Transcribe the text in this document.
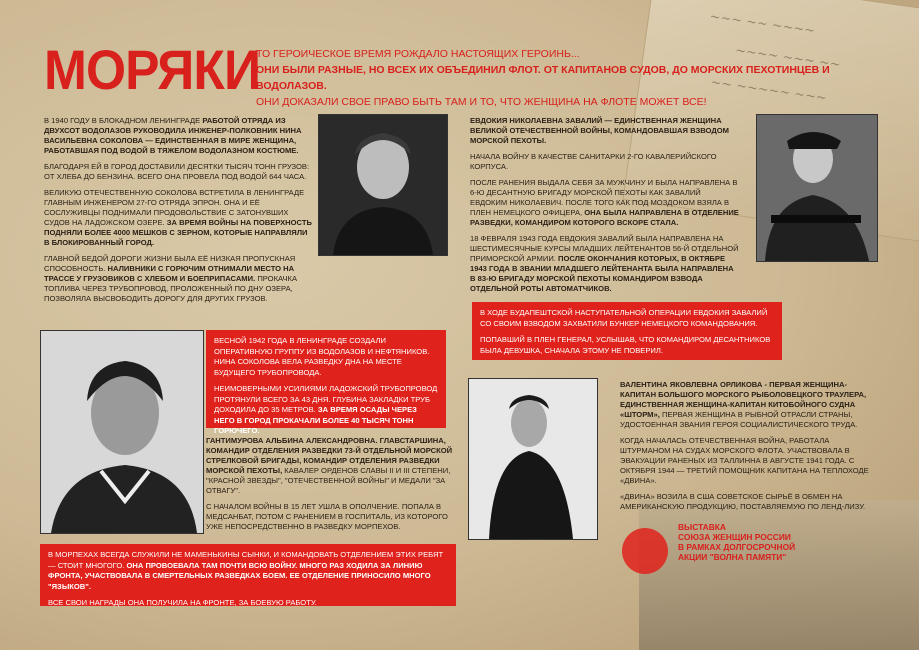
~~~ ~~ ~~~~
~~~~ ~~~ ~~
~~ ~~~~~ ~~~
МОРЯКИ
ТО ГЕРОИЧЕСКОЕ ВРЕМЯ РОЖДАЛО НАСТОЯЩИХ ГЕРОИНЬ...
ОНИ БЫЛИ РАЗНЫЕ, НО ВСЕХ ИХ ОБЪЕДИНИЛ ФЛОТ. ОТ КАПИТАНОВ СУДОВ, ДО МОРСКИХ ПЕХОТИНЦЕВ И ВОДОЛАЗОВ.
ОНИ ДОКАЗАЛИ СВОЕ ПРАВО БЫТЬ ТАМ И ТО, ЧТО ЖЕНЩИНА НА ФЛОТЕ МОЖЕТ ВСЕ!

В 1940 ГОДУ В БЛОКАДНОМ ЛЕНИНГРАДЕ РАБОТОЙ ОТРЯДА ИЗ ДВУХСОТ ВОДОЛАЗОВ РУКОВОДИЛА ИНЖЕНЕР-ПОЛКОВНИК НИНА ВАСИЛЬЕВНА СОКОЛОВА — ЕДИНСТВЕННАЯ В МИРЕ ЖЕНЩИНА, РАБОТАВШАЯ ПОД ВОДОЙ В ТЯЖЕЛОМ ВОДОЛАЗНОМ КОСТЮМЕ.

БЛАГОДАРЯ ЕЙ В ГОРОД ДОСТАВИЛИ ДЕСЯТКИ ТЫСЯЧ ТОНН ГРУЗОВ: ОТ ХЛЕБА ДО БЕНЗИНА. ВСЕГО ОНА ПРОВЕЛА ПОД ВОДОЙ 644 ЧАСА.

ВЕЛИКУЮ ОТЕЧЕСТВЕННУЮ СОКОЛОВА ВСТРЕТИЛА В ЛЕНИНГРАДЕ ГЛАВНЫМ ИНЖЕНЕРОМ 27-ГО ОТРЯДА ЭПРОН. ОНА И ЕЁ СОСЛУЖИВЦЫ ПОДНИМАЛИ ПРОДОВОЛЬСТВИЕ С ЗАТОНУВШИХ СУДОВ НА ЛАДОЖСКОМ ОЗЕРЕ. ЗА ВРЕМЯ ВОЙНЫ НА ПОВЕРХНОСТЬ ПОДНЯЛИ БОЛЕЕ 4000 МЕШКОВ С ЗЕРНОМ, КОТОРЫЕ НАПРАВЛЯЛИ В БЛОКИРОВАННЫЙ ГОРОД.

ГЛАВНОЙ БЕДОЙ ДОРОГИ ЖИЗНИ БЫЛА ЕЁ НИЗКАЯ ПРОПУСКНАЯ СПОСОБНОСТЬ. НАЛИВНИКИ С ГОРЮЧИМ ОТНИМАЛИ МЕСТО НА ТРАССЕ У ГРУЗОВИКОВ С ХЛЕБОМ И БОЕПРИПАСАМИ. ПРОКАЧКА ТОПЛИВА ЧЕРЕЗ ТРУБОПРОВОД, ПРОЛОЖЕННЫЙ ПО ДНУ ОЗЕРА, ПОЗВОЛЯЛА ВЫСВОБОДИТЬ ДОРОГУ ДЛЯ ДРУГИХ ГРУЗОВ.

ВЕСНОЙ 1942 ГОДА В ЛЕНИНГРАДЕ СОЗДАЛИ ОПЕРАТИВНУЮ ГРУППУ ИЗ ВОДОЛАЗОВ И НЕФТЯНИКОВ. НИНА СОКОЛОВА ВЕЛА РАЗВЕДКУ ДНА НА МЕСТЕ БУДУЩЕГО ТРУБОПРОВОДА.

НЕИМОВЕРНЫМИ УСИЛИЯМИ ЛАДОЖСКИЙ ТРУБОПРОВОД ПРОТЯНУЛИ ВСЕГО ЗА 43 ДНЯ. ГЛУБИНА ЗАКЛАДКИ ТРУБ ДОХОДИЛА ДО 35 МЕТРОВ. ЗА ВРЕМЯ ОСАДЫ ЧЕРЕЗ НЕГО В ГОРОД ПРОКАЧАЛИ БОЛЕЕ 40 ТЫСЯЧ ТОНН ГОРЮЧЕГО.

ГАНТИМУРОВА АЛЬБИНА АЛЕКСАНДРОВНА. ГЛАВСТАРШИНА, КОМАНДИР ОТДЕЛЕНИЯ РАЗВЕДКИ 73-Й ОТДЕЛЬНОЙ МОРСКОЙ СТРЕЛКОВОЙ БРИГАДЫ, КОМАНДИР ОТДЕЛЕНИЯ РАЗВЕДКИ МОРСКОЙ ПЕХОТЫ, КАВАЛЕР ОРДЕНОВ СЛАВЫ II И III СТЕПЕНИ, "КРАСНОЙ ЗВЕЗДЫ", "ОТЕЧЕСТВЕННОЙ ВОЙНЫ" И МЕДАЛИ "ЗА ОТВАГУ".

С НАЧАЛОМ ВОЙНЫ В 15 ЛЕТ УШЛА В ОПОЛЧЕНИЕ. ПОПАЛА В МЕДСАНБАТ, ПОТОМ С РАНЕНИЕМ В ГОСПИТАЛЬ, ИЗ КОТОРОГО УЖЕ НЕПОСРЕДСТВЕННО В РАЗВЕДКУ МОРПЕХОВ.

В МОРПЕХАХ ВСЕГДА СЛУЖИЛИ НЕ МАМЕНЬКИНЫ СЫНКИ, И КОМАНДОВАТЬ ОТДЕЛЕНИЕМ ЭТИХ РЕБЯТ — СТОИТ МНОГОГО. ОНА ПРОВОЕВАЛА ТАМ ПОЧТИ ВСЮ ВОЙНУ. МНОГО РАЗ ХОДИЛА ЗА ЛИНИЮ ФРОНТА, УЧАСТВОВАЛА В СМЕРТЕЛЬНЫХ РАЗВЕДКАХ БОЕМ. ЕЕ ОТДЕЛЕНИЕ ПРИНОСИЛО МНОГО "ЯЗЫКОВ".

ВСЕ СВОИ НАГРАДЫ ОНА ПОЛУЧИЛА НА ФРОНТЕ, ЗА БОЕВУЮ РАБОТУ.

ЕВДОКИЯ НИКОЛАЕВНА ЗАВАЛИЙ — ЕДИНСТВЕННАЯ ЖЕНЩИНА ВЕЛИКОЙ ОТЕЧЕСТВЕННОЙ ВОЙНЫ, КОМАНДОВАВШАЯ ВЗВОДОМ МОРСКОЙ ПЕХОТЫ.

НАЧАЛА ВОЙНУ В КАЧЕСТВЕ САНИТАРКИ 2-ГО КАВАЛЕРИЙСКОГО КОРПУСА.

ПОСЛЕ РАНЕНИЯ ВЫДАЛА СЕБЯ ЗА МУЖЧИНУ И БЫЛА НАПРАВЛЕНА В 6-Ю ДЕСАНТНУЮ БРИГАДУ МОРСКОЙ ПЕХОТЫ КАК ЗАВАЛИЙ ЕВДОКИМ НИКОЛАЕВИЧ. ПОСЛЕ ТОГО КАК ПОД МОЗДОКОМ ВЗЯЛА В ПЛЕН НЕМЕЦКОГО ОФИЦЕРА, ОНА БЫЛА НАПРАВЛЕНА В ОТДЕЛЕНИЕ РАЗВЕДКИ, КОМАНДИРОМ КОТОРОГО ВСКОРЕ СТАЛА.

18 ФЕВРАЛЯ 1943 ГОДА ЕВДОКИЯ ЗАВАЛИЙ БЫЛА НАПРАВЛЕНА НА ШЕСТИМЕСЯЧНЫЕ КУРСЫ МЛАДШИХ ЛЕЙТЕНАНТОВ 56-Й ОТДЕЛЬНОЙ ПРИМОРСКОЙ АРМИИ. ПОСЛЕ ОКОНЧАНИЯ КОТОРЫХ, В ОКТЯБРЕ 1943 ГОДА В ЗВАНИИ МЛАДШЕГО ЛЕЙТЕНАНТА БЫЛА НАПРАВЛЕНА В 83-Ю БРИГАДУ МОРСКОЙ ПЕХОТЫ КОМАНДИРОМ ВЗВОДА ОТДЕЛЬНОЙ РОТЫ АВТОМАТЧИКОВ.

В ХОДЕ БУДАПЕШТСКОЙ НАСТУПАТЕЛЬНОЙ ОПЕРАЦИИ ЕВДОКИЯ ЗАВАЛИЙ СО СВОИМ ВЗВОДОМ ЗАХВАТИЛИ БУНКЕР НЕМЕЦКОГО КОМАНДОВАНИЯ.

ПОПАВШИЙ В ПЛЕН ГЕНЕРАЛ, УСЛЫШАВ, ЧТО КОМАНДИРОМ ДЕСАНТНИКОВ БЫЛА ДЕВУШКА, СНАЧАЛА ЭТОМУ НЕ ПОВЕРИЛ.

ВАЛЕНТИНА ЯКОВЛЕВНА ОРЛИКОВА - ПЕРВАЯ ЖЕНЩИНА-КАПИТАН БОЛЬШОГО МОРСКОГО РЫБОЛОВЕЦКОГО ТРАУЛЕРА, ЕДИНСТВЕННАЯ ЖЕНЩИНА-КАПИТАН КИТОБОЙНОГО СУДНА «ШТОРМ», ПЕРВАЯ ЖЕНЩИНА В РЫБНОЙ ОТРАСЛИ СТРАНЫ, УДОСТОЕННАЯ ЗВАНИЯ ГЕРОЯ СОЦИАЛИСТИЧЕСКОГО ТРУДА.

КОГДА НАЧАЛАСЬ ОТЕЧЕСТВЕННАЯ ВОЙНА, РАБОТАЛА ШТУРМАНОМ НА СУДАХ МОРСКОГО ФЛОТА. УЧАСТВОВАЛА В ЭВАКУАЦИИ РАНЕНЫХ ИЗ ТАЛЛИННА В АВГУСТЕ 1941 ГОДА. С ОКТЯБРЯ 1944 — ТРЕТИЙ ПОМОЩНИК КАПИТАНА НА ТЕПЛОХОДЕ «ДВИНА».

«ДВИНА» ВОЗИЛА В США СОВЕТСКОЕ СЫРЬЁ В ОБМЕН НА АМЕРИКАНСКУЮ ПРОДУКЦИЮ, ПОСТАВЛЯЕМУЮ ПО ЛЕНД-ЛИЗУ.

ВЫСТАВКА
СОЮЗА ЖЕНЩИН РОССИИ
В РАМКАХ ДОЛГОСРОЧНОЙ
АКЦИИ "ВОЛНА ПАМЯТИ"
